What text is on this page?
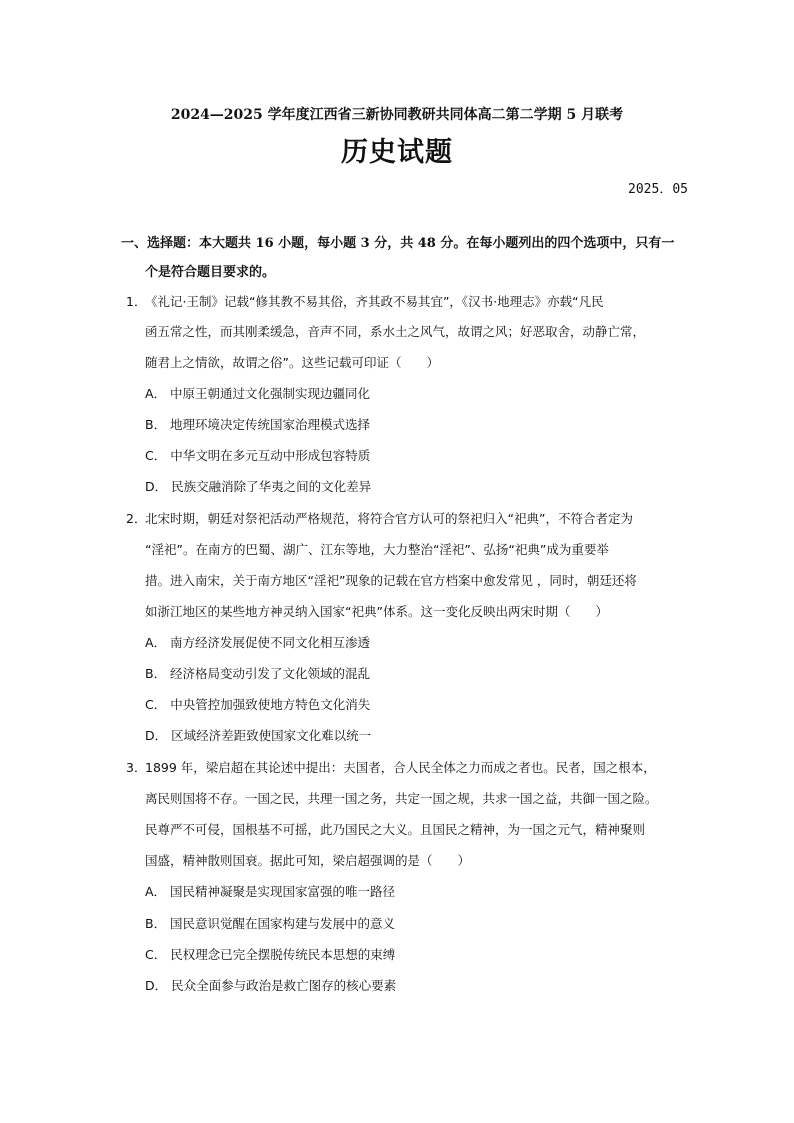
2024—2025 学年度江西省三新协同教研共同体高二第二学期 5 月联考
历史试题
2025．05
一、选择题：本大题共 16 小题，每小题 3 分，共 48 分。在每小题列出的四个选项中，只有一
个是符合题目要求的。
1．
《礼记·王制》记载“修其教不易其俗，齐其政不易其宜”，《汉书·地理志》亦载“凡民
函五常之性，而其刚柔缓急，音声不同，系水土之风气，故谓之风；好恶取舍，动静亡常，
随君上之情欲，故谓之俗”。这些记载可印证（　　）
A． 中原王朝通过文化强制实现边疆同化
B． 地理环境决定传统国家治理模式选择
C． 中华文明在多元互动中形成包容特质
D． 民族交融消除了华夷之间的文化差异
2．
北宋时期，朝廷对祭祀活动严格规范，将符合官方认可的祭祀归入“祀典”，不符合者定为
“淫祀”。在南方的巴蜀、湖广、江东等地，大力整治“淫祀”、弘扬“祀典”成为重要举
措。进入南宋，关于南方地区“淫祀”现象的记载在官方档案中愈发常见 ，同时，朝廷还将
如浙江地区的某些地方神灵纳入国家“祀典”体系。这一变化反映出两宋时期（　　）
A． 南方经济发展促使不同文化相互渗透
B． 经济格局变动引发了文化领域的混乱
C． 中央管控加强致使地方特色文化消失
D． 区域经济差距致使国家文化难以统一
3．
1899 年，梁启超在其论述中提出：夫国者，合人民全体之力而成之者也。民者，国之根本，
离民则国将不存。一国之民，共理一国之务，共定一国之规，共求一国之益，共御一国之险。
民尊严不可侵，国根基不可摇，此乃国民之大义。且国民之精神，为一国之元气，精神聚则
国盛，精神散则国衰。据此可知，梁启超强调的是（　　）
A． 国民精神凝聚是实现国家富强的唯一路径
B． 国民意识觉醒在国家构建与发展中的意义
C． 民权理念已完全摆脱传统民本思想的束缚
D． 民众全面参与政治是救亡图存的核心要素
